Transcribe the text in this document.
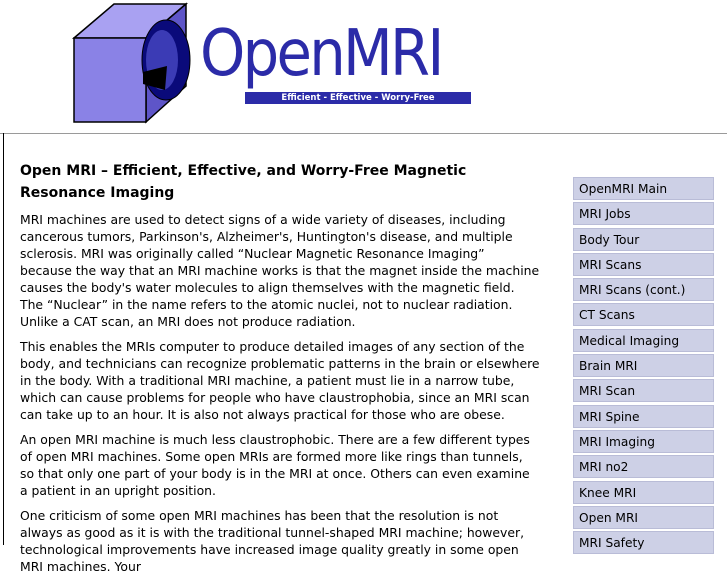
OpenMRI
Efficient - Effective - Worry-Free
Open MRI – Efficient, Effective, and Worry-Free Magnetic Resonance Imaging

MRI machines are used to detect signs of a wide variety of diseases, including cancerous tumors, Parkinson's, Alzheimer's, Huntington's disease, and multiple sclerosis. MRI was originally called “Nuclear Magnetic Resonance Imaging” because the way that an MRI machine works is that the magnet inside the machine causes the body's water molecules to align themselves with the magnetic field. The “Nuclear” in the name refers to the atomic nuclei, not to nuclear radiation. Unlike a CAT scan, an MRI does not produce radiation.

This enables the MRIs computer to produce detailed images of any section of the body, and technicians can recognize problematic patterns in the brain or elsewhere in the body. With a traditional MRI machine, a patient must lie in a narrow tube, which can cause problems for people who have claustrophobia, since an MRI scan can take up to an hour. It is also not always practical for those who are obese.

An open MRI machine is much less claustrophobic. There are a few different types of open MRI machines. Some open MRIs are formed more like rings than tunnels, so that only one part of your body is in the MRI at once. Others can even examine a patient in an upright position.

One criticism of some open MRI machines has been that the resolution is not always as good as it is with the traditional tunnel-shaped MRI machine; however, technological improvements have increased image quality greatly in some open MRI machines. Your

OpenMRI Main
MRI Jobs
Body Tour
MRI Scans
MRI Scans (cont.)
CT Scans
Medical Imaging
Brain MRI
MRI Scan
MRI Spine
MRI Imaging
MRI no2
Knee MRI
Open MRI
MRI Safety
